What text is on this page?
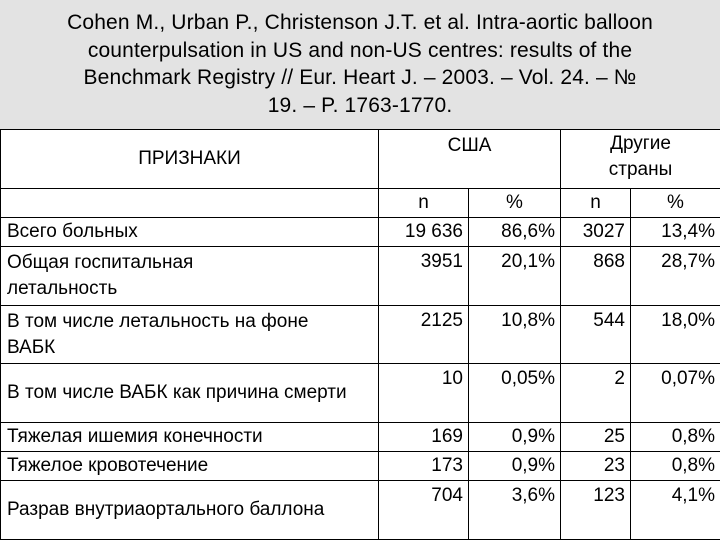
Cohen M., Urban P., Christenson J.T. et al. Intra-aortic balloon
counterpulsation in US and non-US centres: results of the
Benchmark Registry // Eur. Heart J. – 2003. – Vol. 24. – №
19. – P. 1763-1770.
ПРИЗНАКИ	США		Другие	
			страны	
	n	%	n	%
Всего больных	19 636	86,6%	3027	13,4%
Общая госпитальная летальность	3951	20,1%	868	28,7%
В том числе летальность на фоне ВАБК	2125	10,8%	544	18,0%
В том числе ВАБК как причина смерти	10	0,05%	2	0,07%
Тяжелая ишемия конечности	169	0,9%	25	0,8%
Тяжелое кровотечение	173	0,9%	23	0,8%
Разрав внутриаортального баллона	704	3,6%	123	4,1%
